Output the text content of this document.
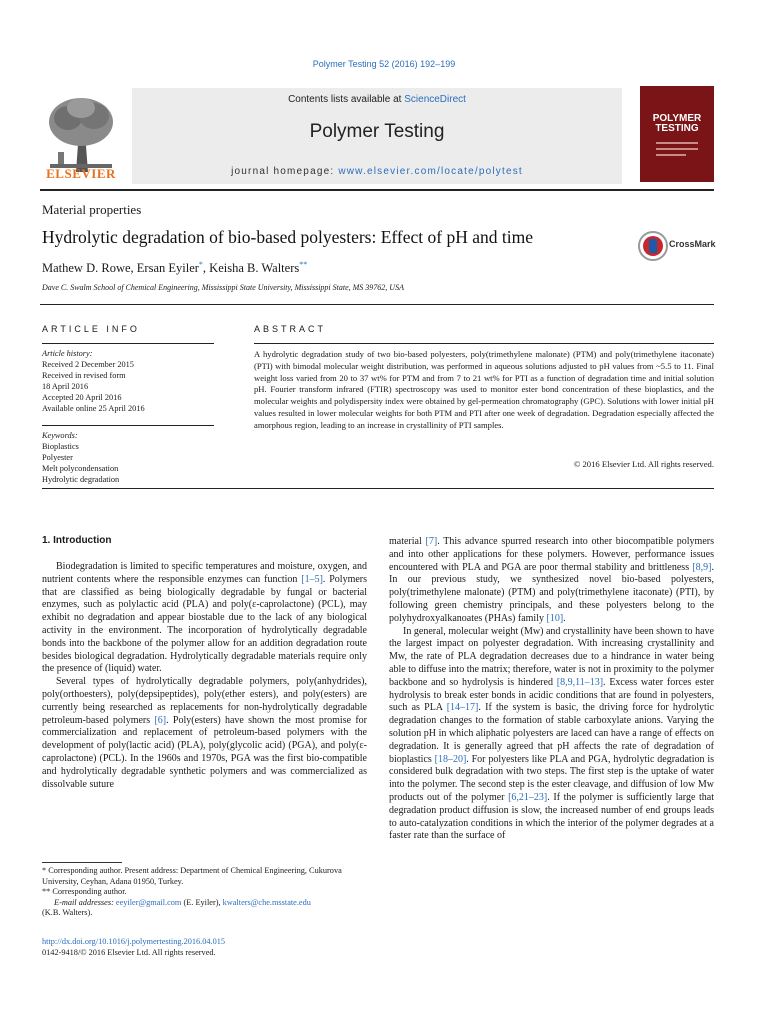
Polymer Testing 52 (2016) 192–199
ELSEVIER
Contents lists available at ScienceDirect
Polymer Testing
journal homepage: www.elsevier.com/locate/polytest
POLYMER
TESTING
Material properties
Hydrolytic degradation of bio-based polyesters: Effect of pH and time	CrossMark
Mathew D. Rowe, Ersan Eyiler*, Keisha B. Walters**
Dave C. Swalm School of Chemical Engineering, Mississippi State University, Mississippi State, MS 39762, USA
ARTICLE INFO
Article history:
Received 2 December 2015
Received in revised form
18 April 2016
Accepted 20 April 2016
Available online 25 April 2016
Keywords:
Bioplastics
Polyester
Melt polycondensation
Hydrolytic degradation
ABSTRACT
A hydrolytic degradation study of two bio-based polyesters, poly(trimethylene malonate) (PTM) and poly(trimethylene itaconate) (PTI) with bimodal molecular weight distribution, was performed in aqueous solutions adjusted to pH values from ~5.5 to 11. Final weight loss varied from 20 to 37 wt% for PTM and from 7 to 21 wt% for PTI as a function of degradation time and initial solution pH. Fourier transform infrared (FTIR) spectroscopy was used to monitor ester bond concentration of these bioplastics, and the molecular weights and polydispersity index were obtained by gel-permeation chromatography (GPC). Solutions with lower initial pH values resulted in lower molecular weights for both PTM and PTI after one week of degradation. Degradation especially affected the amorphous region, leading to an increase in crystallinity of PTI samples.
© 2016 Elsevier Ltd. All rights reserved.
1. Introduction

Biodegradation is limited to specific temperatures and moisture, oxygen, and nutrient contents where the responsible enzymes can function [1–5]. Polymers that are classified as being biologically degradable by fungal or bacterial enzymes, such as polylactic acid (PLA) and poly(ε-caprolactone) (PCL), may exhibit no degradation and appear biostable due to the lack of any biological activity in the environment. The incorporation of hydrolytically degradable bonds into the backbone of the polymer allow for an addition degradation route besides biological degradation. Hydrolytically degradable materials require only the presence of (liquid) water.

Several types of hydrolytically degradable polymers, poly(anhydrides), poly(orthoesters), poly(depsipeptides), poly(ether esters), and poly(esters) are currently being researched as replacements for non-hydrolytically degradable petroleum-based polymers [6]. Poly(esters) have shown the most promise for commercialization and replacement of petroleum-based polymers with the development of poly(lactic acid) (PLA), poly(glycolic acid) (PGA), and poly(ε-caprolactone) (PCL). In the 1960s and 1970s, PGA was the first bio-compatible and hydrolytically degradable synthetic polymers and was commercialized as dissolvable suture

material [7]. This advance spurred research into other biocompatible polymers and into other applications for these polymers. However, performance issues encountered with PLA and PGA are poor thermal stability and brittleness [8,9]. In our previous study, we synthesized novel bio-based polyesters, poly(trimethylene malonate) (PTM) and poly(trimethylene itaconate) (PTI), by following green chemistry principals, and these polyesters belong to the polyhydroxyalkanoates (PHAs) family [10].

In general, molecular weight (Mw) and crystallinity have been shown to have the largest impact on polyester degradation. With increasing crystallinity and Mw, the rate of PLA degradation decreases due to a hindrance in water being able to diffuse into the matrix; therefore, water is not in proximity to the polymer backbone and so hydrolysis is hindered [8,9,11–13]. Excess water forces ester hydrolysis to break ester bonds in acidic conditions that are found in polyesters, such as PLA [14–17]. If the system is basic, the driving force for hydrolytic degradation changes to the formation of stable carboxylate anions. Varying the solution pH in which aliphatic polyesters are laced can have a range of effects on degradation. It is generally agreed that pH affects the rate of degradation of bioplastics [18–20]. For polyesters like PLA and PGA, hydrolytic degradation is considered bulk degradation with two steps. The first step is the uptake of water into the polymer. The second step is the ester cleavage, and diffusion of low Mw products out of the polymer [6,21–23]. If the polymer is sufficiently large that degradation product diffusion is slow, the increased number of end groups leads to auto-catalyzation conditions in which the interior of the polymer degrades at a faster rate than the surface of

* Corresponding author. Present address: Department of Chemical Engineering, Cukurova University, Ceyhan, Adana 01950, Turkey.
** Corresponding author.
E-mail addresses: eeyiler@gmail.com (E. Eyiler), kwalters@che.msstate.edu
(K.B. Walters).
http://dx.doi.org/10.1016/j.polymertesting.2016.04.015
0142-9418/© 2016 Elsevier Ltd. All rights reserved.
